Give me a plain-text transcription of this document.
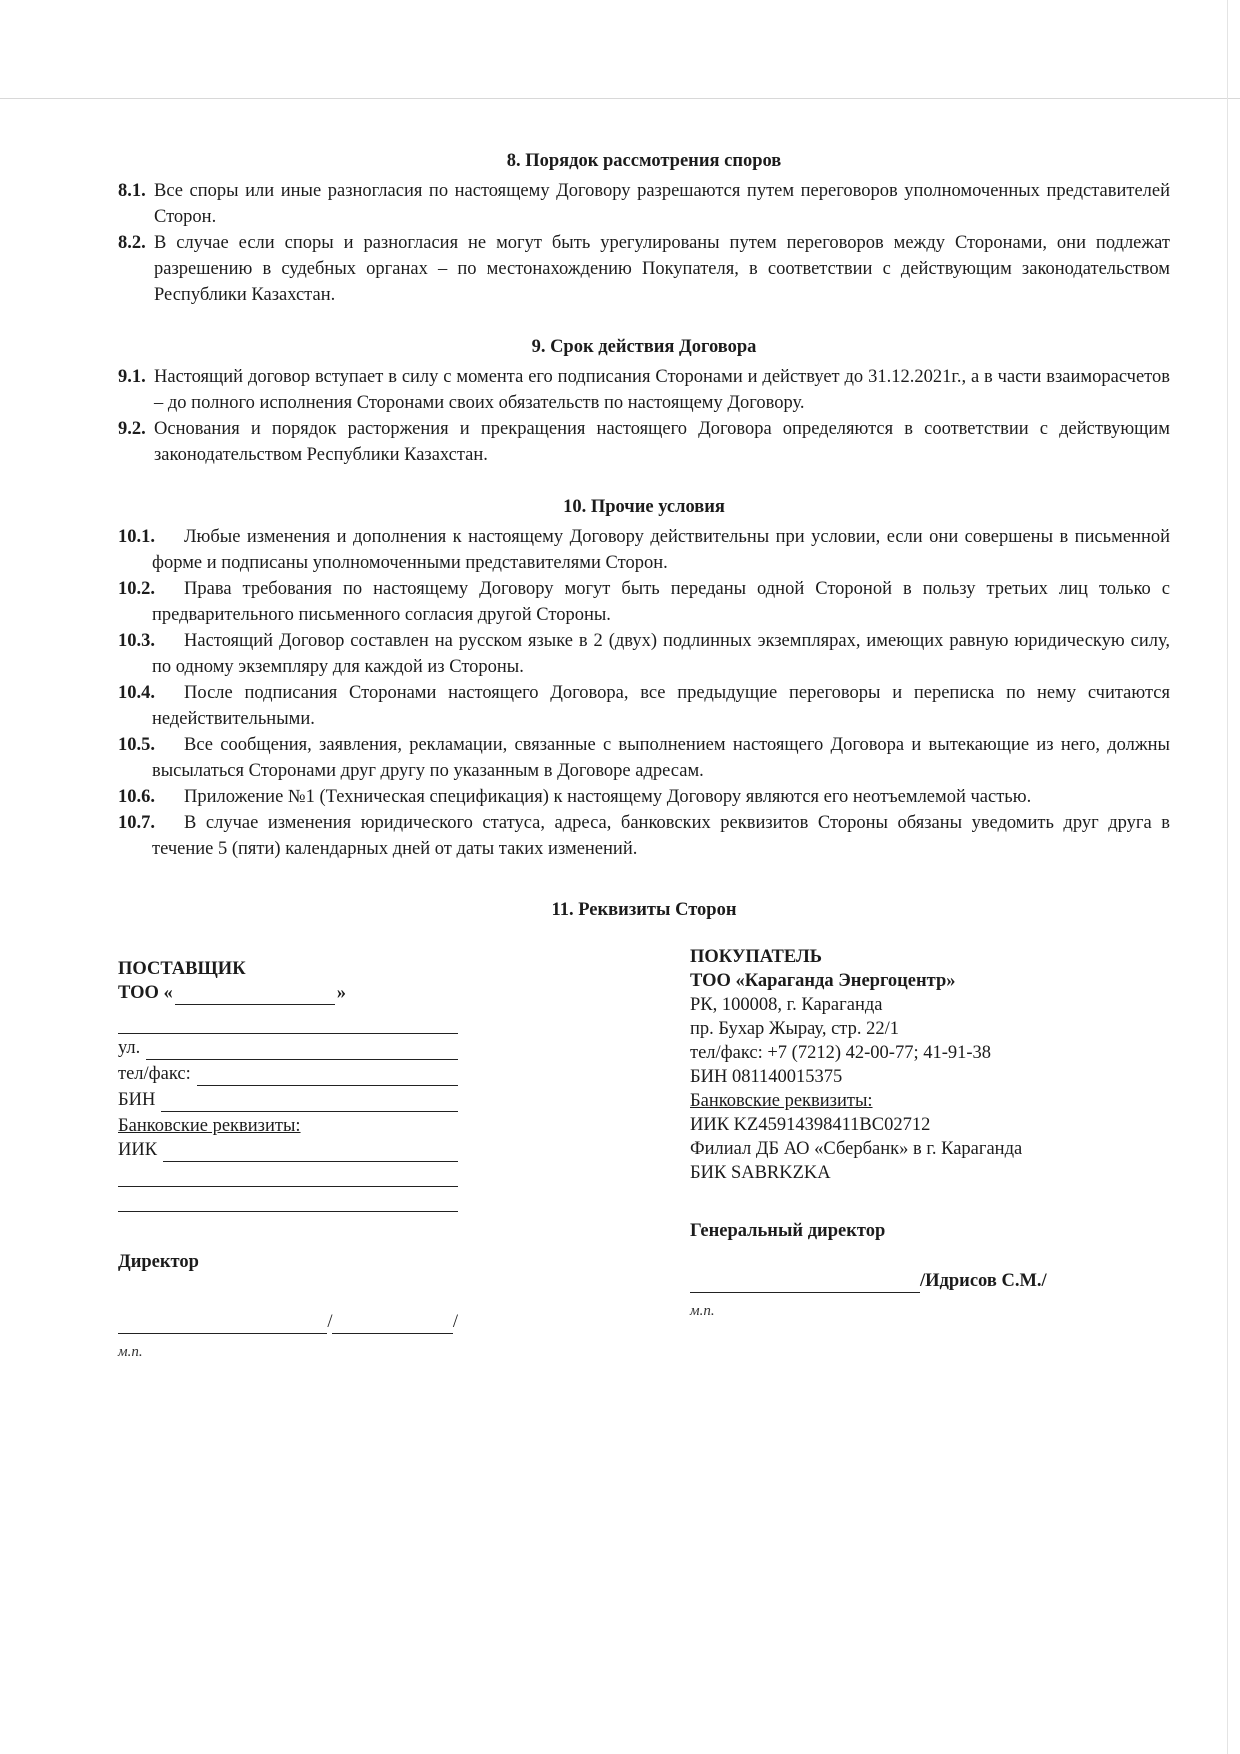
8. Порядок рассмотрения споров
8.1. Все споры или иные разногласия по настоящему Договору разрешаются путем переговоров уполномоченных представителей Сторон.
8.2. В случае если споры и разногласия не могут быть урегулированы путем переговоров между Сторонами, они подлежат разрешению в судебных органах – по местонахождению Покупателя, в соответствии с действующим законодательством Республики Казахстан.
9. Срок действия Договора
9.1. Настоящий договор вступает в силу с момента его подписания Сторонами и действует до 31.12.2021г., а в части взаиморасчетов – до полного исполнения Сторонами своих обязательств по настоящему Договору.
9.2. Основания и порядок расторжения и прекращения настоящего Договора определяются в соответствии с действующим законодательством Республики Казахстан.
10. Прочие условия

10.1. Любые изменения и дополнения к настоящему Договору действительны при условии, если они совершены в письменной форме и подписаны уполномоченными представителями Сторон.

10.2. Права требования по настоящему Договору могут быть переданы одной Стороной в пользу третьих лиц только с предварительного письменного согласия другой Стороны.

10.3. Настоящий Договор составлен на русском языке в 2 (двух) подлинных экземплярах, имеющих равную юридическую силу, по одному экземпляру для каждой из Стороны.

10.4. После подписания Сторонами настоящего Договора, все предыдущие переговоры и переписка по нему считаются недействительными.

10.5. Все сообщения, заявления, рекламации, связанные с выполнением настоящего Договора и вытекающие из него, должны высылаться Сторонами друг другу по указанным в Договоре адресам.

10.6. Приложение №1 (Техническая спецификация) к настоящему Договору являются его неотъемлемой частью.

10.7. В случае изменения юридического статуса, адреса, банковских реквизитов Стороны обязаны уведомить друг друга в течение 5 (пяти) календарных дней от даты таких изменений.

11. Реквизиты Сторон
ПОСТАВЩИК
ТОО «	»
ул.
тел/факс:
БИН
Банковские реквизиты:
ИИК
Директор
/	/
м.п.
ПОКУПАТЕЛЬ
ТОО «Караганда Энергоцентр»
РК, 100008, г. Караганда
пр. Бухар Жырау, стр. 22/1
тел/факс: +7 (7212) 42-00-77; 41-91-38
БИН 081140015375
Банковские реквизиты:
ИИК KZ45914398411BC02712
Филиал ДБ АО «Сбербанк» в г. Караганда
БИК SABRKZKA
Генеральный директор
/Идрисов С.М./
м.п.
